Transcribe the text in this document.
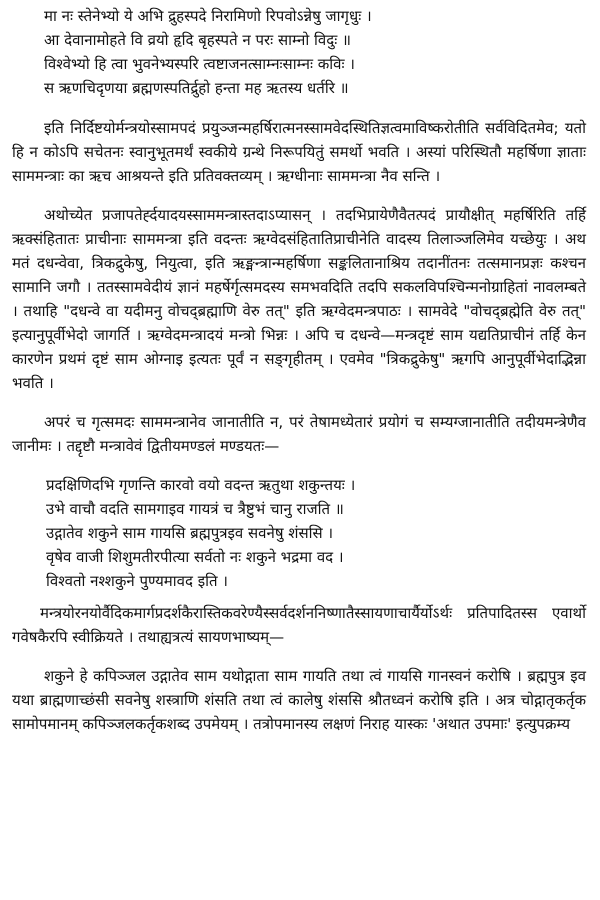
मा नः स्तेनेभ्यो ये अभि द्रुहस्पदे निरामिणो रिपवोऽन्नेषु जागृधुः ।
आ देवानामोहते वि व्रयो हृदि बृहस्पते न परः साम्नो विदुः ॥
विश्वेभ्यो हि त्वा भुवनेभ्यस्परि त्वष्टाजनत्साम्नःसाम्नः कविः ।
स ऋणचिदृणया ब्रह्मणस्पतिर्द्रुहो हन्ता मह ऋतस्य धर्तरि ॥

इति निर्दिष्टयोर्मन्त्रयोस्सामपदं प्रयुञ्जन्महर्षिरात्मनस्सामवेदस्थितिज्ञत्वमाविष्करोतीति सर्वविदितमेव; यतो हि न कोऽपि सचेतनः स्वानुभूतमर्थं स्वकीये ग्रन्थे निरूपयितुं समर्थो भवति । अस्यां परिस्थितौ महर्षिणा ज्ञाताः साममन्त्राः का ऋच आश्रयन्ते इति प्रतिवक्तव्यम् । ऋग्धीनाः साममन्त्रा नैव सन्ति ।

अथोच्येत प्रजापतेर्ह्दयादयस्साममन्त्रास्तदाऽप्यासन् । तदभिप्रायेणैवैतत्पदं प्रायौक्षीत् महर्षिरिति तर्हि ऋक्संहितातः प्राचीनाः साममन्त्रा इति वदन्तः ऋग्वेदसंहितातिप्राचीनेति वादस्य तिलाञ्जलिमेव यच्छेयुः । अथ मतं दधन्वेवा, त्रिकद्रुकेषु, नियुत्वा, इति ऋङ्मन्त्रान्महर्षिणा सङ्कलितानाश्रिय तदानींतनः तत्समानप्रज्ञः कश्चन सामानि जगौ । ततस्सामवेदीयं ज्ञानं महर्षेर्गृत्समदस्य समभवदिति तदपि सकलविपश्चिन्मनोग्राहितां नावलम्बते । तथाहि "दधन्वे वा यदीमनु वोचद्ब्रह्माणि वेरु तत्" इति ऋग्वेदमन्त्रपाठः । सामवेदे "वोचद्ब्रह्मेति वेरु तत्" इत्यानुपूर्वीभेदो जागर्ति । ऋग्वेदमन्त्रादयं मन्त्रो भिन्नः । अपि च दधन्वे—मन्त्रदृष्टं साम यद्यतिप्राचीनं तर्हि केन कारणेन प्रथमं दृष्टं साम ओग्नाइ इत्यतः पूर्वं न सङ्गृहीतम् । एवमेव "त्रिकद्रुकेषु" ऋगपि आनुपूर्वीभेदाद्भिन्ना भवति ।

अपरं च गृत्समदः साममन्त्रानेव जानातीति न, परं तेषामध्येतारं प्रयोगं च सम्यग्जानातीति तदीयमन्त्रेणैव जानीमः । तद्दृष्टौ मन्त्रावेवं द्वितीयमण्डलं मण्डयतः—

प्रदक्षिणिदभि गृणन्ति कारवो वयो वदन्त ऋतुथा शकुन्तयः ।
उभे वाचौ वदति सामगाइव गायत्रं च त्रैष्टुभं चानु राजति ॥
उद्गातेव शकुने साम गायसि ब्रह्मपुत्रइव सवनेषु शंससि ।
वृषेव वाजी शिशुमतीरपीत्या सर्वतो नः शकुने भद्रमा वद ।
विश्वतो नश्शकुने पुण्यमावद इति ।

मन्त्रयोरनयोर्वैदिकमार्गप्रदर्शकैरास्तिकवरेण्यैस्सर्वदर्शननिष्णातैस्सायणाचार्यैर्योऽर्थः प्रतिपादितस्स एवार्थो गवेषकैरपि स्वीक्रियते । तथाह्यत्रत्यं सायणभाष्यम्—

शकुने हे कपिञ्जल उद्गातेव साम यथोद्गाता साम गायति तथा त्वं गायसि गानस्वनं करोषि । ब्रह्मपुत्र इव यथा ब्राह्मणाच्छंसी सवनेषु शस्त्राणि शंसति तथा त्वं कालेषु शंससि श्रौतध्वनं करोषि इति । अत्र चोद्गातृकर्तृक सामोपमानम् कपिञ्जलकर्तृकशब्द उपमेयम् । तत्रोपमानस्य लक्षणं निराह यास्कः 'अथात उपमाः' इत्युपक्रम्य
